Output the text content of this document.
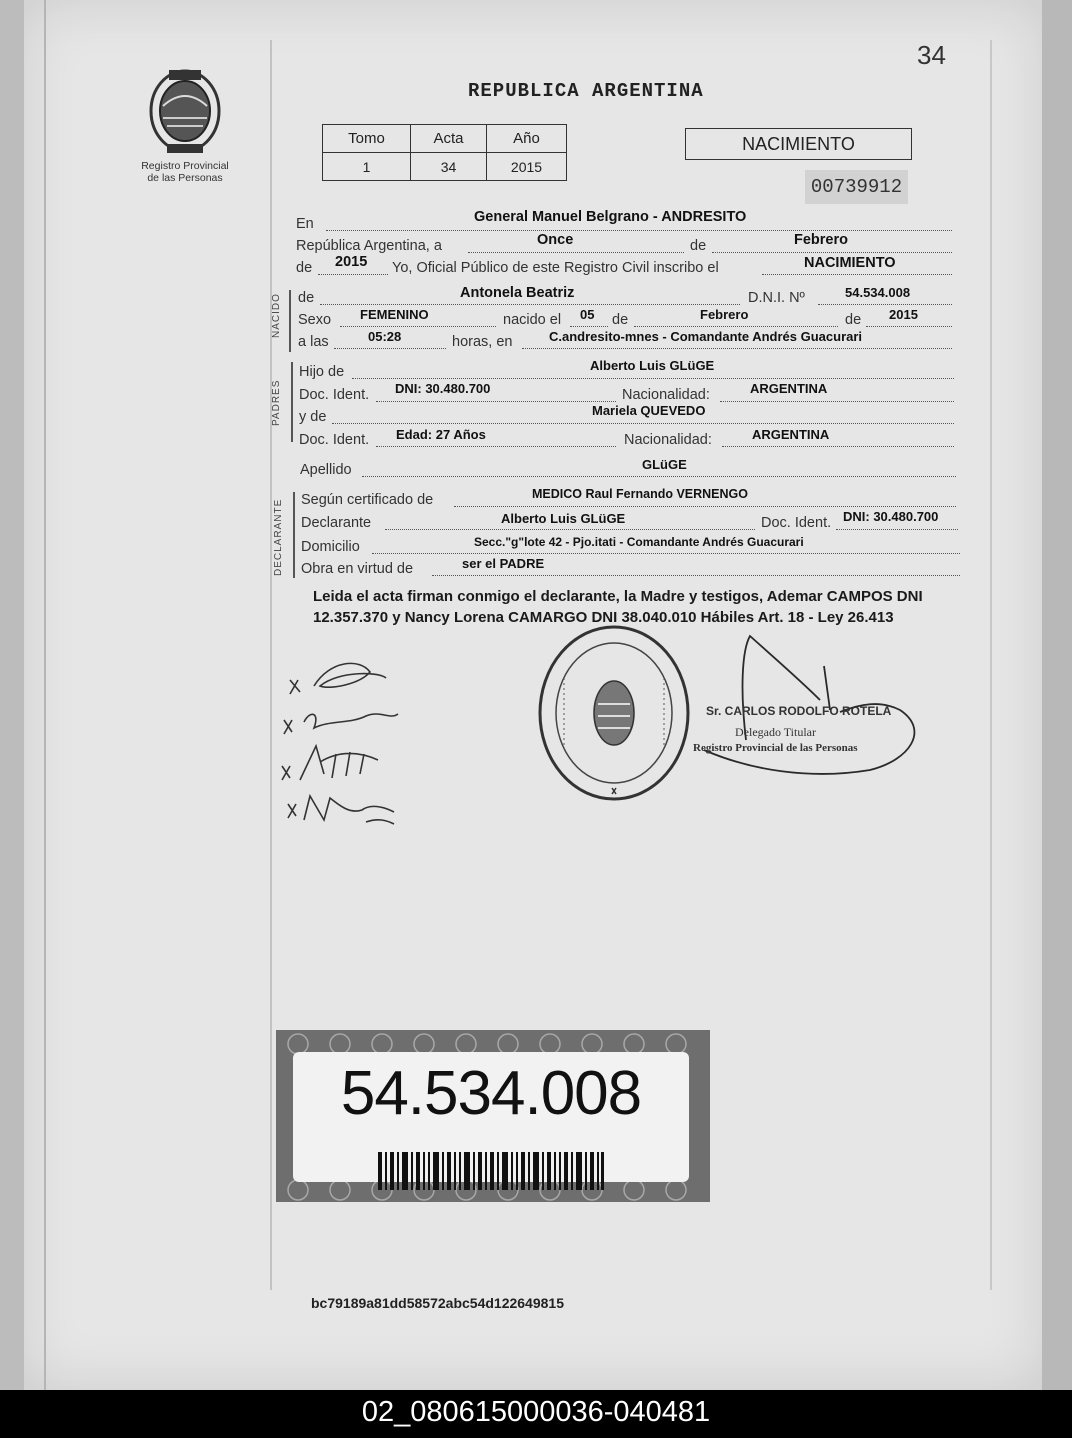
34
REPUBLICA ARGENTINA
Registro Provincial
de las Personas
Tomo	Acta	Año
1	34	2015
NACIMIENTO
00739912
En	General Manuel Belgrano - ANDRESITO
República Argentina, a	Once	de	Febrero
de 2015 Yo, Oficial Público de este Registro Civil inscribo el	NACIMIENTO
NACIDO de	Antonela Beatriz	D.N.I. Nº	54.534.008
Sexo FEMENINO	nacido el 05 de	Febrero	de 2015
a las	05:28	horas, en	C.andresito-mnes - Comandante Andrés Guacurari
PADRES
Hijo de	Alberto Luis GLüGE
Doc. Ident. DNI: 30.480.700	Nacionalidad:	ARGENTINA
y de	Mariela QUEVEDO
Doc. Ident. Edad: 27 Años	Nacionalidad:	ARGENTINA
Apellido	GLüGE
DECLARANTE Según certificado de	MEDICO Raul Fernando VERNENGO
Declarante	Alberto Luis GLüGE	Doc. Ident. DNI: 30.480.700
Domicilio	Secc."g"lote 42 - Pjo.itati - Comandante Andrés Guacurari
Obra en virtud de	ser el PADRE
Leida el acta firman conmigo el declarante, la Madre y testigos, Ademar CAMPOS DNI 12.357.370 y Nancy Lorena CAMARGO DNI 38.040.010 Hábiles Art. 18 - Ley 26.413
Sr. CARLOS RODOLFO ROTELA
Delegado Titular
Registro Provincial de las Personas
54.534.008
bc79189a81dd58572abc54d122649815
02_080615000036-040481
